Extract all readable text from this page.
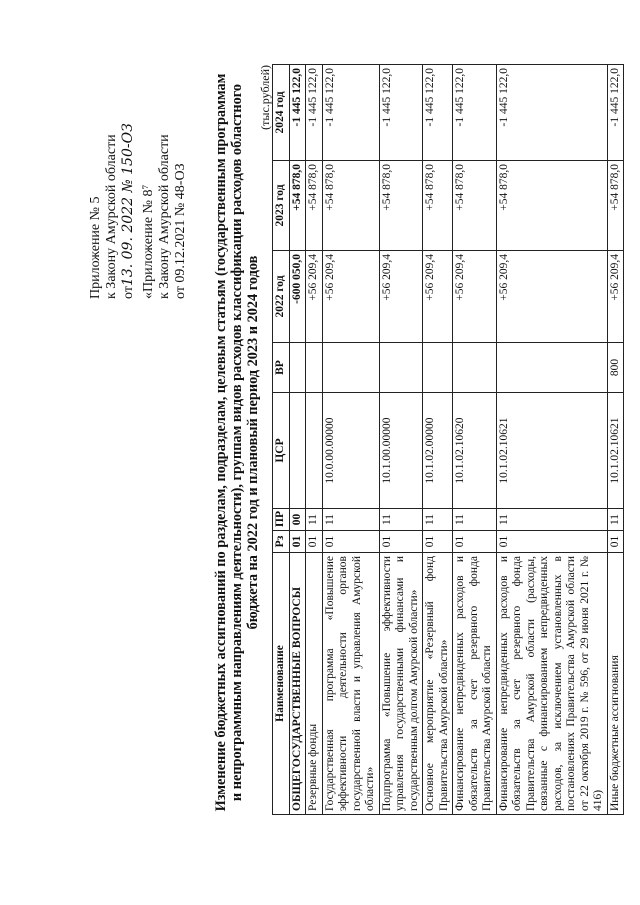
Приложение № 5 к Закону Амурской области от13. 09. 2022 № 150-ОЗ «Приложение № 8⁷ к Закону Амурской области от 09.12.2021 № 48-ОЗ Изменение бюджетных ассигнований по разделам, подразделам, целевым статьям (государственным программам и непрограммным направлениям деятельности), группам видов расходов классификации расходов областного бюджета на 2022 год и плановый период 2023 и 2024 годов
(тыс.рублей)
Наименование	Рз	ПР	ЦСР	ВР	2022 год	2023 год	2024 год
ОБЩЕГОСУДАРСТВЕННЫЕ ВОПРОСЫ	01	00			-600 050,0	+54 878,0	-1 445 122,0
Резервные фонды	01	11			+56 209,4	+54 878,0	-1 445 122,0
Государственная программа «Повышение эффективности деятельности органов государственной власти и управления Амурской области»	01	11	10.0.00.00000		+56 209,4	+54 878,0	-1 445 122,0
Подпрограмма «Повышение эффективности управления государственными финансами и государственным долгом Амурской области»	01	11	10.1.00.00000		+56 209,4	+54 878,0	-1 445 122,0
Основное мероприятие «Резервный фонд Правительства Амурской области»	01	11	10.1.02.00000		+56 209,4	+54 878,0	-1 445 122,0
Финансирование непредвиденных расходов и обязательств за счет резервного фонда Правительства Амурской области	01	11	10.1.02.10620		+56 209,4	+54 878,0	-1 445 122,0
Финансирование непредвиденных расходов и обязательств за счет резервного фонда Правительства Амурской области (расходы, связанные с финансированием непредвиденных расходов, за исключением установленных в постановлениях Правительства Амурской области от 22 октября 2019 г. № 596, от 29 июня 2021 г. № 416)	01	11	10.1.02.10621		+56 209,4	+54 878,0	-1 445 122,0
Иные бюджетные ассигнования	01	11	10.1.02.10621	800	+56 209,4	+54 878,0	-1 445 122,0
